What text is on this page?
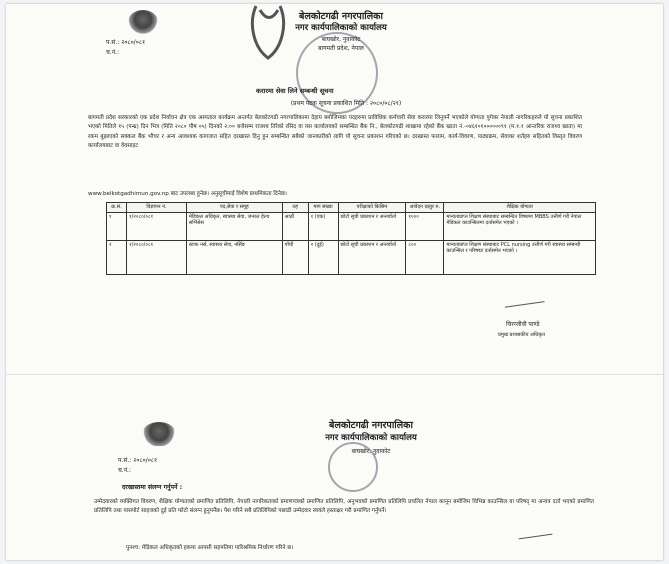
प.सं.: २०८०/०८१
च.नं.:
बेलकोटगढी नगरपालिका
नगर कार्यपालिकाको कार्यालय
बाघखोर, नुवाकोट
बागमती प्रदेश, नेपाल
करारमा सेवा लिने सम्बन्धी सूचना
(प्रथम पटक सूचना प्रकाशित मिति : २०८०/०८/२१)
बागमती प्रदेश सरकारको एक प्रदेश निर्वाचन क्षेत्र एक अस्पताल कार्यक्रम अन्तर्गत बेलकोटगढी नगरपालिकामा देहाय बमोजिमका पदहरुमा प्राविधिक कर्मचारी सेवा करारमा लिनुपर्ने भएकोले योग्यता पुगेका नेपाली नागरिकहरुले यो सूचना प्रकाशित भएको मितिले १५ (पन्ध्र) दिन भित्र (मिति २०८० पौष ०५) दिनको २:०० बजेसम्म राजश्व तिरेको रसिद वा यस कार्यालयको सम्बन्धित बैंक नि., बेलकोटगढी शाखामा रहेको बैंक खाता नं.-०४६१०१००००००९१ (म.१.१ आन्तरिक राजश्व खाता) मा रकम बुझाएको सक्कल बैंक भौचर र अन्य आवश्यक कागजात सहित दरखास्त दिनु हुन सम्बन्धित सबैको जानकारीको लागि यो सूचना प्रकाशन गरिएको छ। दरखास्त फाराम, कार्य-विवरण, पाठ्यक्रम, सेवाका शर्तहरु सहितको विस्तृत विवरण कार्यालयबाट वा वेवसाइट
www.belkotgadhimun.gov.np बाट उपलब्ध हुनेछ। अनुसूचीमाई विशेष प्राथमिकता दिनेछ।
क्र.सं.	विज्ञापन नं.	पद,सेवा र समूह	तह	माग संख्या	परीक्षाको किसिम	आवेदन दस्तुर रु.	शैक्षिक योग्यता
१	१/२०८०/०८१	मेडिकल अधिकृत, स्वास्थ्य सेवा, जनरल हेल्थ सर्भिसेस	आठौं	१ (एक)	छोटो सूची प्रकाशन र अन्तर्वार्ता	१०००	मान्यताप्राप्त शिक्षण संस्थाबाट सम्बन्धित विषयमा MBBS उत्तीर्ण गरी नेपाल मेडिकल काउन्सिलमा दर्तासमेत भएको ।
२	२/२०८०/०८१	स्टाफ नर्स, स्वास्थ्य सेवा, नर्सिङ	पाँचौं	२ (दुई)	छोटो सूची प्रकाशन र अन्तर्वार्ता	८००	मान्यताप्राप्त शिक्षण संस्थाबाट PCL nursing उत्तीर्ण गरी स्वास्थ्य सम्बन्धी काउन्सिल र परिषद्मा दर्तासमेत भएको ।
चिरन्जीवी पाण्डे
प्रमुख प्रशासकीय अधिकृत
प.सं.: २०८०/०८१
च.नं.:
बेलकोटगढी नगरपालिका
नगर कार्यपालिकाको कार्यालय
बाघखोर, नुवाकोट
दरखास्तमा संलग्न गर्नुपर्ने :
उम्मेदवारको व्यक्तिगत विवरण, शैक्षिक योग्यताको प्रमाणित प्रतिलिपि, नेपाली नागरिकताको प्रमाणपत्रको प्रमाणित प्रतिलिपि, अनुभवको प्रमाणित प्रतिलिपि प्रचलित नेपाल कानून बमोजिम विभिन्न काउन्सिल वा परिषद् मा अन्यत्र दर्ता भएको प्रमाणित प्रतिलिपि तथा पासपोर्ट साइजको दुई प्रति फोटो संलग्न हुनुपर्नेछ। पेश गरिने सबै प्रतिलिपिको पछाडी उम्मेदवार स्वयंले हस्ताक्षर गरी प्रमाणित गर्नुपर्ने।
पुनश्च: मेडिकल अधिकृतको हकमा आपसी सहमतिमा पारिश्रमिक निर्धारण गरिने छ।
